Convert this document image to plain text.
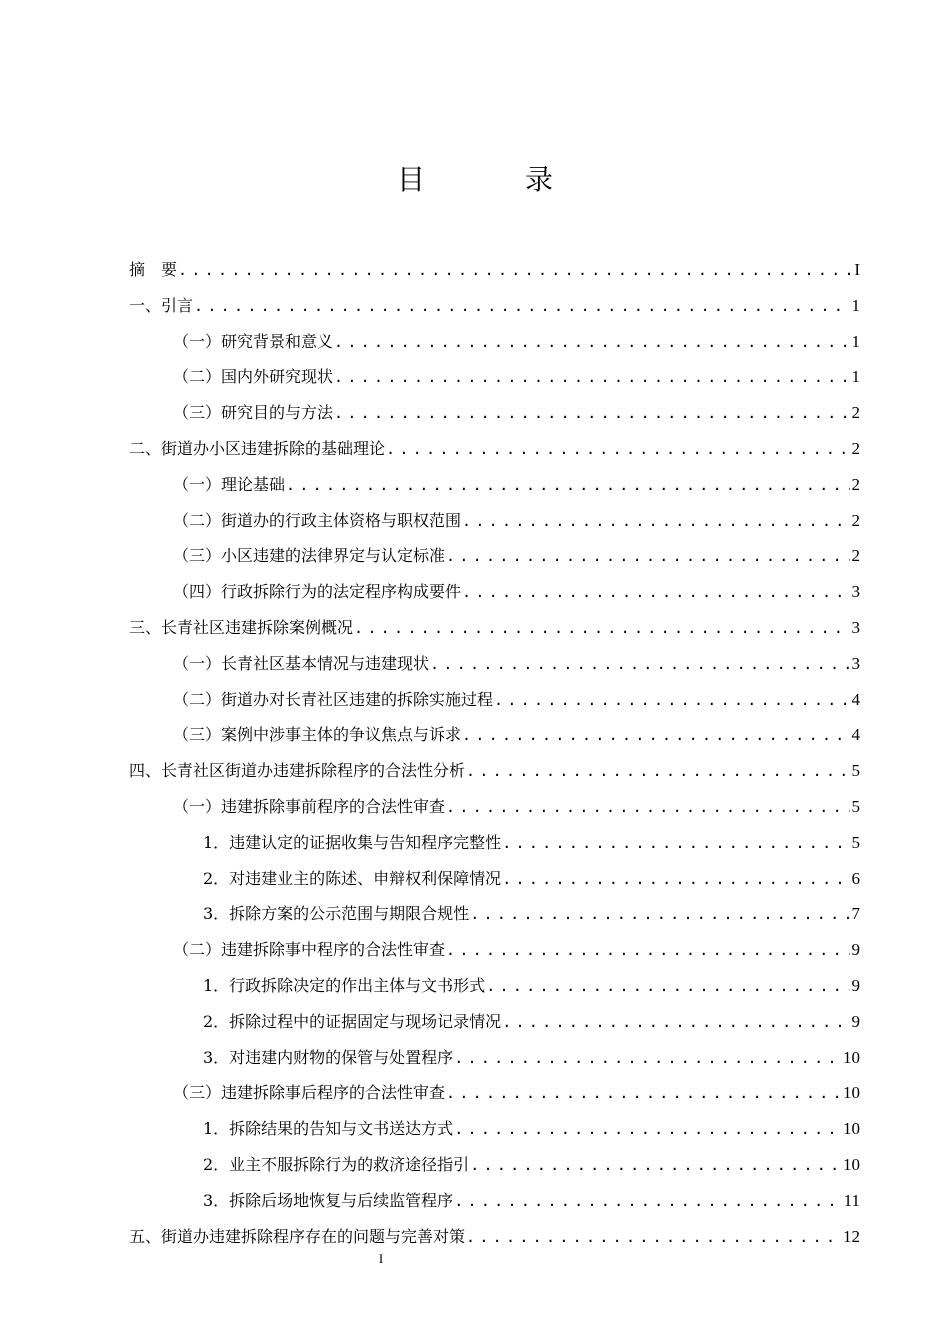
目　录
摘要 .....	I
一、引言 .....	1
（一）研究背景和意义 .....	1
（二）国内外研究现状 .....	1
（三）研究目的与方法 .....	2
二、街道办小区违建拆除的基础理论 .....	2
（一）理论基础 .....	2
（二）街道办的行政主体资格与职权范围 .....	2
（三）小区违建的法律界定与认定标准 .....	2
（四）行政拆除行为的法定程序构成要件 .....	3
三、长青社区违建拆除案例概况 .....	3
（一）长青社区基本情况与违建现状 .....	3
（二）街道办对长青社区违建的拆除实施过程 .....	4
（三）案例中涉事主体的争议焦点与诉求 .....	4
四、长青社区街道办违建拆除程序的合法性分析 .....	5
（一）违建拆除事前程序的合法性审查 .....	5
1．违建认定的证据收集与告知程序完整性 .....	5
2．对违建业主的陈述、申辩权利保障情况 .....	6
3．拆除方案的公示范围与期限合规性 .....	7
（二）违建拆除事中程序的合法性审查 .....	9
1．行政拆除决定的作出主体与文书形式 .....	9
2．拆除过程中的证据固定与现场记录情况 .....	9
3．对违建内财物的保管与处置程序 .....	10
（三）违建拆除事后程序的合法性审查 .....	10
1．拆除结果的告知与文书送达方式 .....	10
2．业主不服拆除行为的救济途径指引 .....	10
3．拆除后场地恢复与后续监管程序 .....	11
五、街道办违建拆除程序存在的问题与完善对策 .....	12
I
